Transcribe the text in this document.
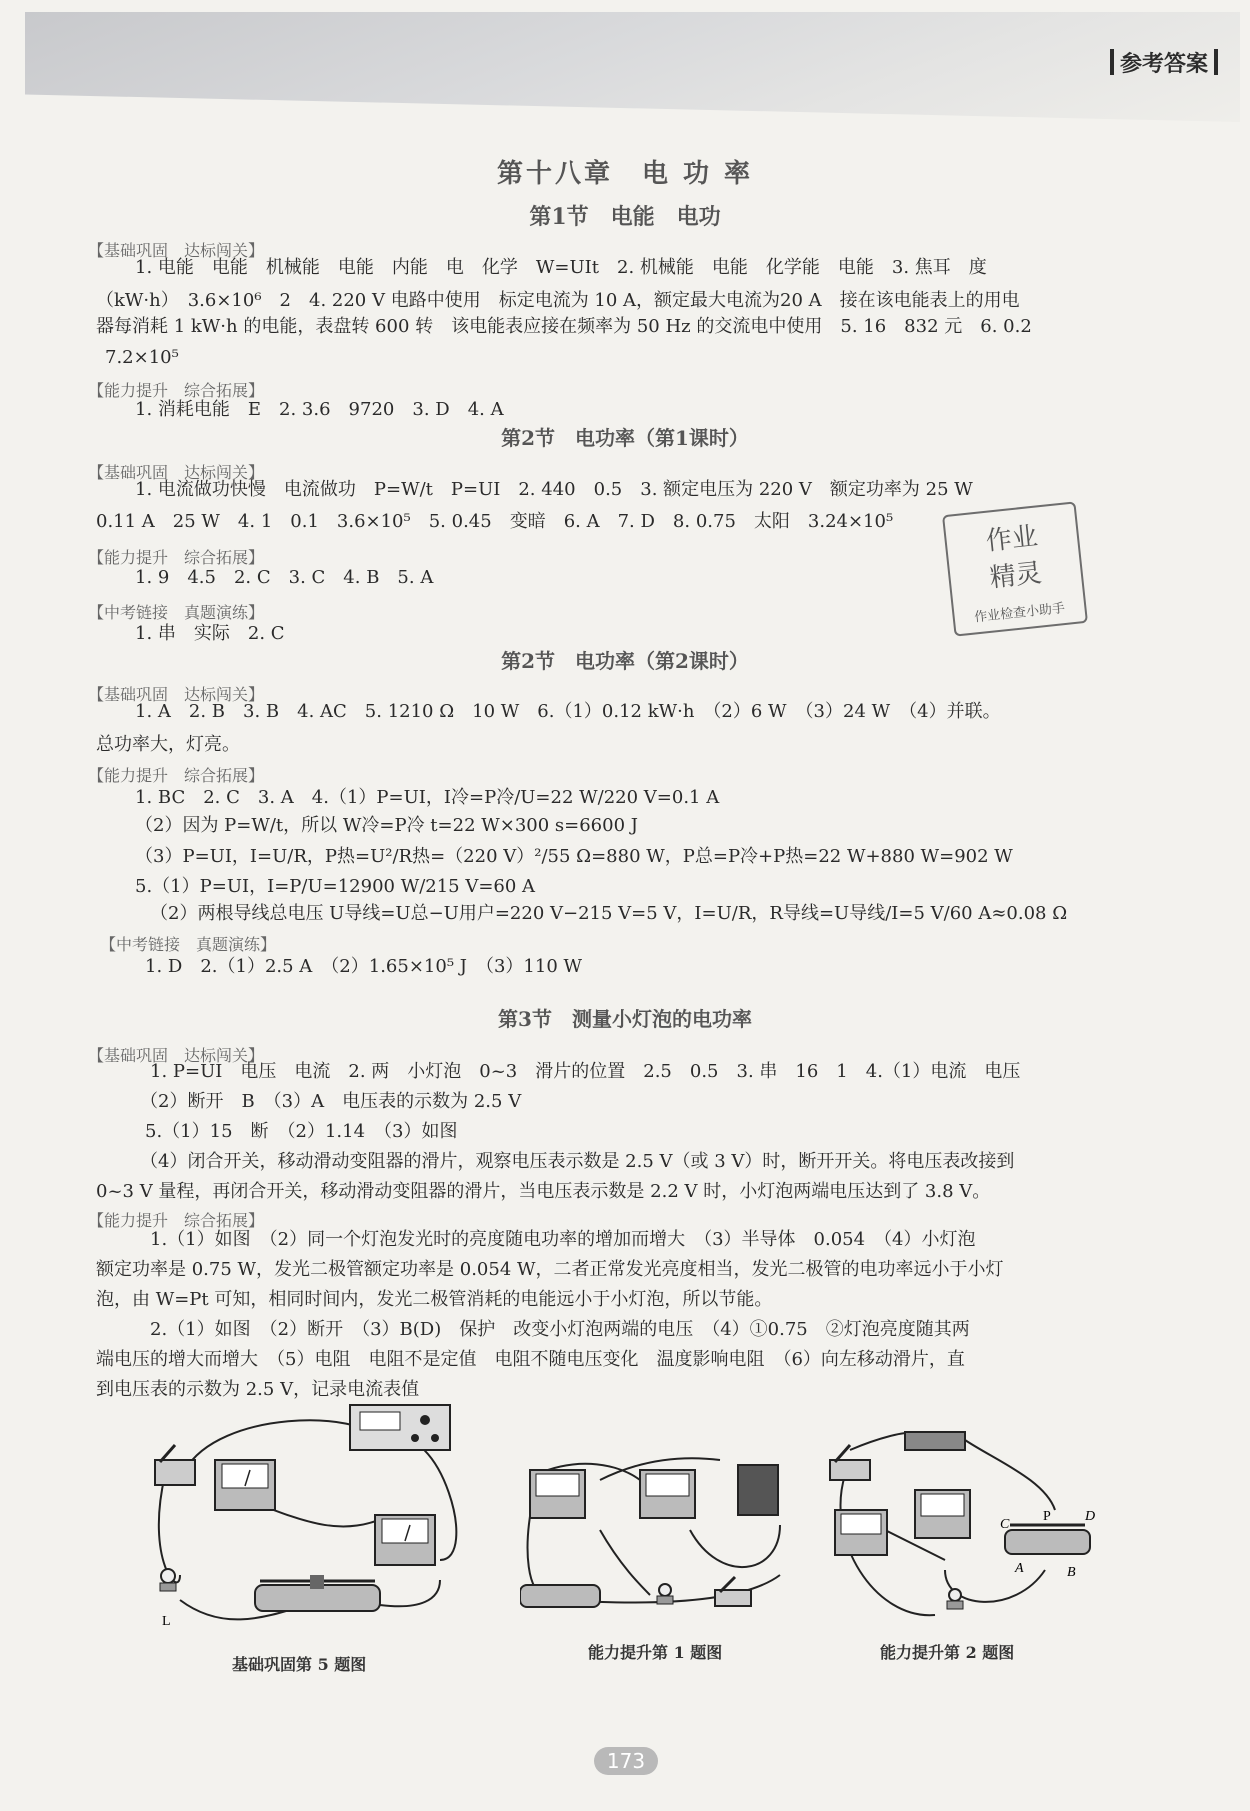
参考答案
第十八章　电 功 率
第1节　电能　电功
【基础巩固　达标闯关】
1. 电能　电能　机械能　电能　内能　电　化学　W=UIt　2. 机械能　电能　化学能　电能　3. 焦耳　度
（kW·h）　3.6×10⁶　2　4. 220 V 电路中使用　标定电流为 10 A，额定最大电流为20 A　接在该电能表上的用电
器每消耗 1 kW·h 的电能，表盘转 600 转　该电能表应接在频率为 50 Hz 的交流电中使用　5. 16　832 元　6. 0.2
7.2×10⁵
【能力提升　综合拓展】
1. 消耗电能　E　2. 3.6　9720　3. D　4. A
第2节　电功率（第1课时）
【基础巩固　达标闯关】
1. 电流做功快慢　电流做功　P=W/t　P=UI　2. 440　0.5　3. 额定电压为 220 V　额定功率为 25 W
0.11 A　25 W　4. 1　0.1　3.6×10⁵　5. 0.45　变暗　6. A　7. D　8. 0.75　太阳　3.24×10⁵
【能力提升　综合拓展】
1. 9　4.5　2. C　3. C　4. B　5. A
【中考链接　真题演练】
1. 串　实际　2. C
作业
精灵
作业检查小助手
第2节　电功率（第2课时）
【基础巩固　达标闯关】
1. A　2. B　3. B　4. AC　5. 1210 Ω　10 W　6.（1）0.12 kW·h　（2）6 W　（3）24 W　（4）并联。
总功率大，灯亮。
【能力提升　综合拓展】
1. BC　2. C　3. A　4.（1）P=UI，I冷=P冷/U=22 W/220 V=0.1 A
（2）因为 P=W/t，所以 W冷=P冷 t=22 W×300 s=6600 J
（3）P=UI，I=U/R，P热=U²/R热=（220 V）²/55 Ω=880 W，P总=P冷+P热=22 W+880 W=902 W
5.（1）P=UI，I=P/U=12900 W/215 V=60 A
（2）两根导线总电压 U导线=U总−U用户=220 V−215 V=5 V，I=U/R，R导线=U导线/I=5 V/60 A≈0.08 Ω
【中考链接　真题演练】
1. D　2.（1）2.5 A　（2）1.65×10⁵ J　（3）110 W
第3节　测量小灯泡的电功率
【基础巩固　达标闯关】
1. P=UI　电压　电流　2. 两　小灯泡　0~3　滑片的位置　2.5　0.5　3. 串　16　1　4.（1）电流　电压
（2）断开　B　（3）A　电压表的示数为 2.5 V
5.（1）15　断　（2）1.14　（3）如图
（4）闭合开关，移动滑动变阻器的滑片，观察电压表示数是 2.5 V（或 3 V）时，断开开关。将电压表改接到
0~3 V 量程，再闭合开关，移动滑动变阻器的滑片，当电压表示数是 2.2 V 时，小灯泡两端电压达到了 3.8 V。
【能力提升　综合拓展】
1.（1）如图　（2）同一个灯泡发光时的亮度随电功率的增加而增大　（3）半导体　0.054　（4）小灯泡
额定功率是 0.75 W，发光二极管额定功率是 0.054 W，二者正常发光亮度相当，发光二极管的电功率远小于小灯
泡，由 W=Pt 可知，相同时间内，发光二极管消耗的电能远小于小灯泡，所以节能。
2.（1）如图　（2）断开　（3）B(D)　保护　改变小灯泡两端的电压　（4）①0.75　②灯泡亮度随其两
端电压的增大而增大　（5）电阻　电阻不是定值　电阻不随电压变化　温度影响电阻　（6）向左移动滑片，直
到电压表的示数为 2.5 V，记录电流表值
L
基础巩固第 5 题图
能力提升第 1 题图
C
P D
A	B
能力提升第 2 题图
173
